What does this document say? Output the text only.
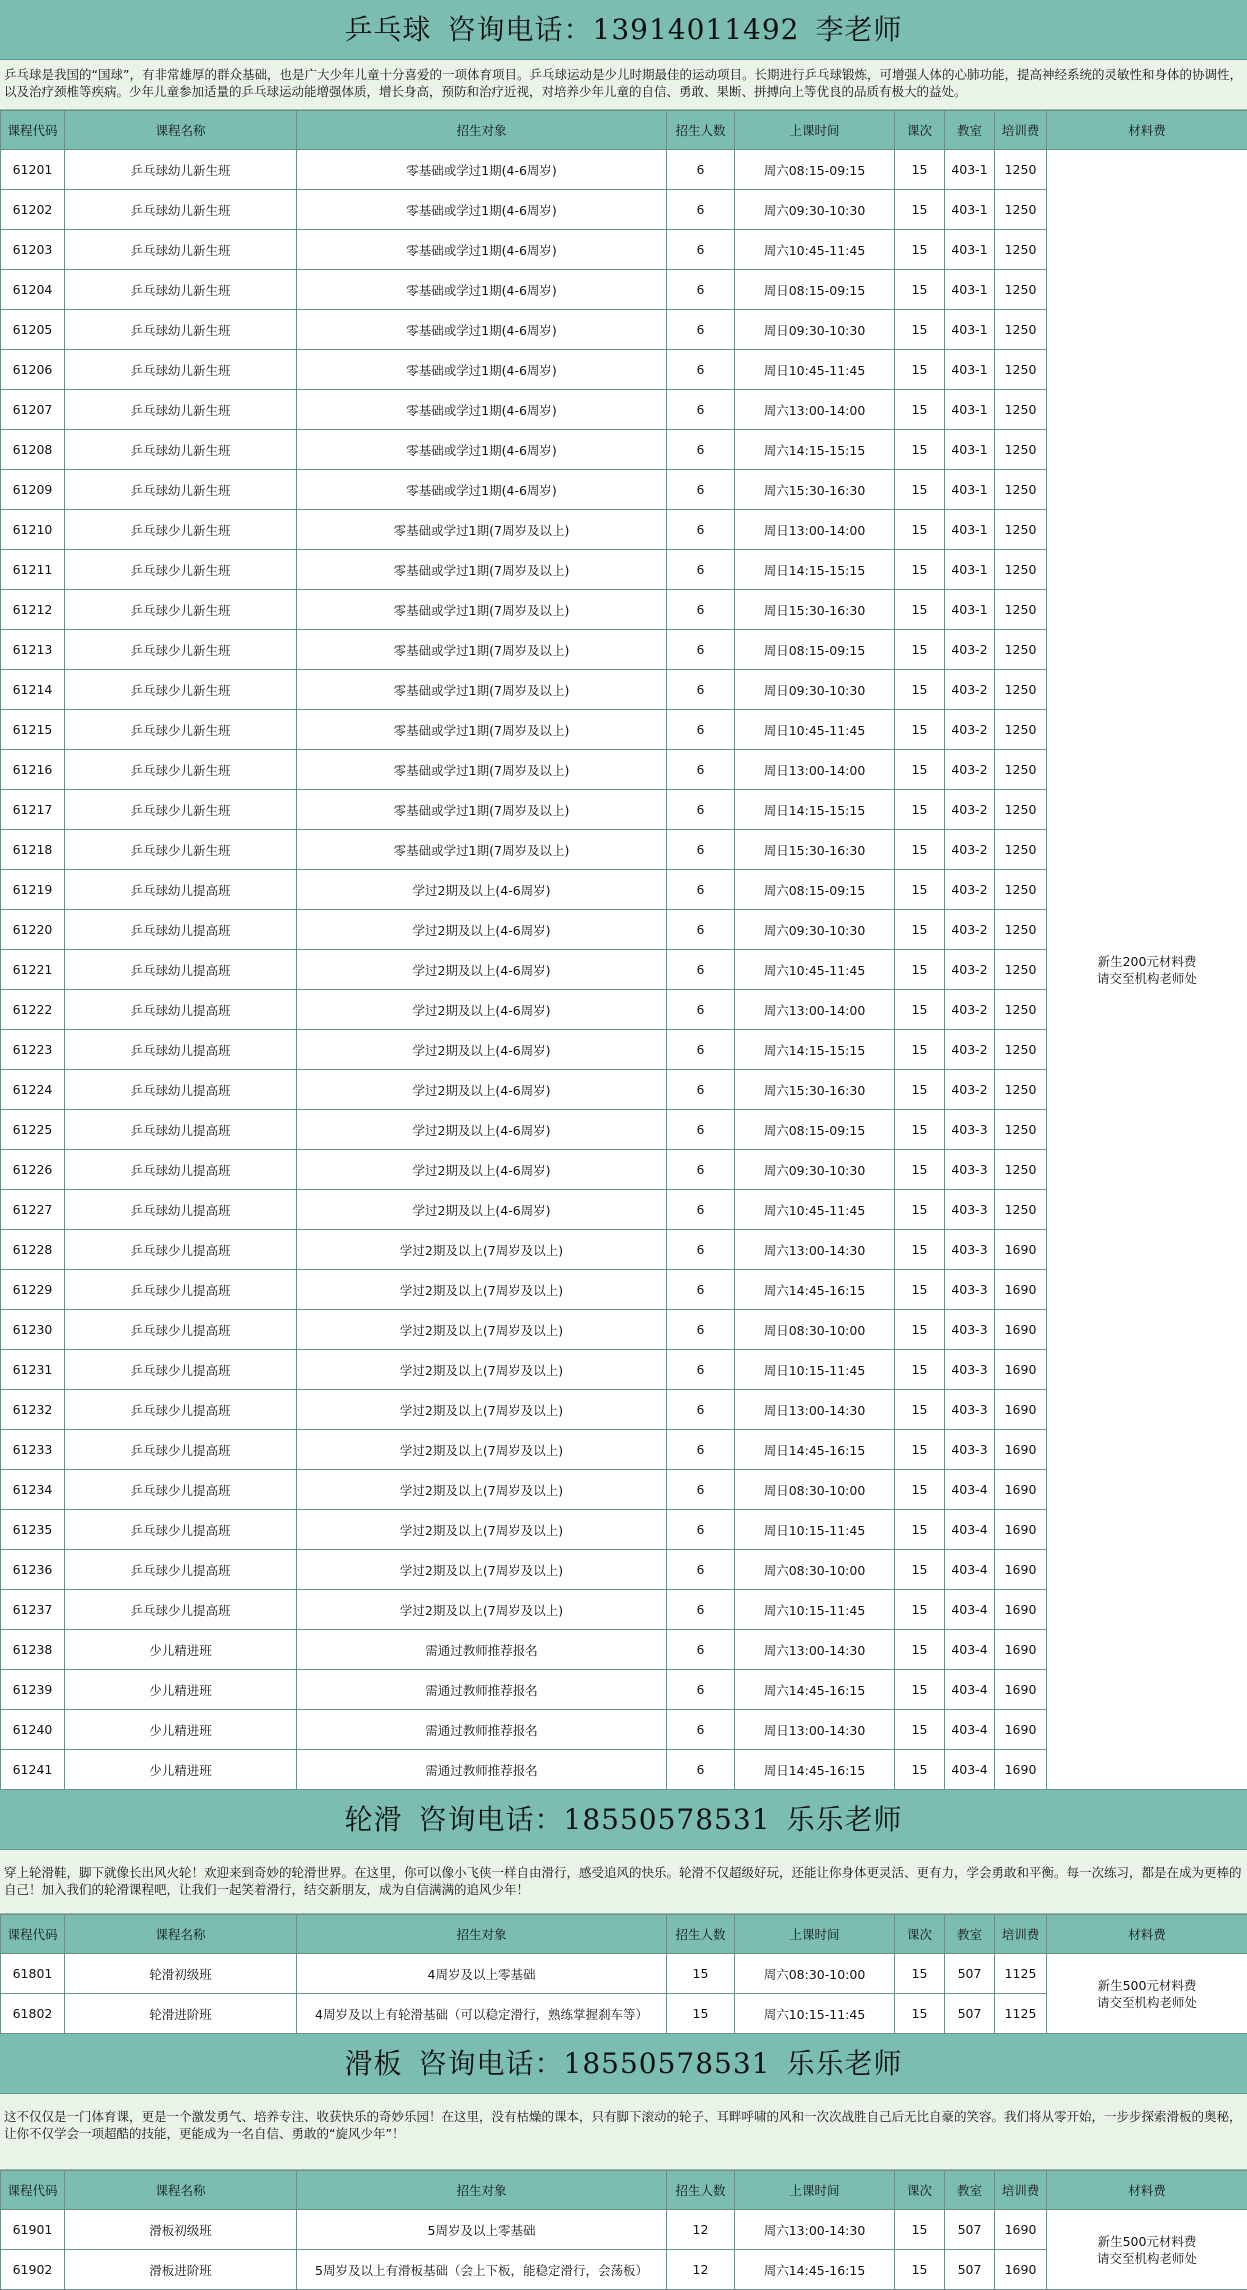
乒乓球 咨询电话：13914011492 李老师
乒乓球是我国的“国球”，有非常雄厚的群众基础，也是广大少年儿童十分喜爱的一项体育项目。乒乓球运动是少儿时期最佳的运动项目。长期进行乒乓球锻炼，可增强人体的心肺功能，提高神经系统的灵敏性和身体的协调性，以及治疗颈椎等疾病。少年儿童参加适量的乒乓球运动能增强体质，增长身高，预防和治疗近视，对培养少年儿童的自信、勇敢、果断、拼搏向上等优良的品质有极大的益处。
课程代码	课程名称	招生对象	招生人数	上课时间	课次	教室	培训费	材料费
61201	乒乓球幼儿新生班	零基础或学过1期(4-6周岁)	6	周六08:15-09:15	15	403-1	1250	新生200元材料费
请交至机构老师处

61202	乒乓球幼儿新生班	零基础或学过1期(4-6周岁)	6	周六09:30-10:30	15	403-1	1250	
61203	乒乓球幼儿新生班	零基础或学过1期(4-6周岁)	6	周六10:45-11:45	15	403-1	1250	
61204	乒乓球幼儿新生班	零基础或学过1期(4-6周岁)	6	周日08:15-09:15	15	403-1	1250	
61205	乒乓球幼儿新生班	零基础或学过1期(4-6周岁)	6	周日09:30-10:30	15	403-1	1250	
61206	乒乓球幼儿新生班	零基础或学过1期(4-6周岁)	6	周日10:45-11:45	15	403-1	1250	
61207	乒乓球幼儿新生班	零基础或学过1期(4-6周岁)	6	周六13:00-14:00	15	403-1	1250	
61208	乒乓球幼儿新生班	零基础或学过1期(4-6周岁)	6	周六14:15-15:15	15	403-1	1250	
61209	乒乓球幼儿新生班	零基础或学过1期(4-6周岁)	6	周六15:30-16:30	15	403-1	1250	
61210	乒乓球少儿新生班	零基础或学过1期(7周岁及以上)	6	周日13:00-14:00	15	403-1	1250	
61211	乒乓球少儿新生班	零基础或学过1期(7周岁及以上)	6	周日14:15-15:15	15	403-1	1250	
61212	乒乓球少儿新生班	零基础或学过1期(7周岁及以上)	6	周日15:30-16:30	15	403-1	1250	
61213	乒乓球少儿新生班	零基础或学过1期(7周岁及以上)	6	周日08:15-09:15	15	403-2	1250	
61214	乒乓球少儿新生班	零基础或学过1期(7周岁及以上)	6	周日09:30-10:30	15	403-2	1250	
61215	乒乓球少儿新生班	零基础或学过1期(7周岁及以上)	6	周日10:45-11:45	15	403-2	1250	
61216	乒乓球少儿新生班	零基础或学过1期(7周岁及以上)	6	周日13:00-14:00	15	403-2	1250	
61217	乒乓球少儿新生班	零基础或学过1期(7周岁及以上)	6	周日14:15-15:15	15	403-2	1250	
61218	乒乓球少儿新生班	零基础或学过1期(7周岁及以上)	6	周日15:30-16:30	15	403-2	1250	
61219	乒乓球幼儿提高班	学过2期及以上(4-6周岁)	6	周六08:15-09:15	15	403-2	1250	
61220	乒乓球幼儿提高班	学过2期及以上(4-6周岁)	6	周六09:30-10:30	15	403-2	1250	
61221	乒乓球幼儿提高班	学过2期及以上(4-6周岁)	6	周六10:45-11:45	15	403-2	1250	
61222	乒乓球幼儿提高班	学过2期及以上(4-6周岁)	6	周六13:00-14:00	15	403-2	1250	
61223	乒乓球幼儿提高班	学过2期及以上(4-6周岁)	6	周六14:15-15:15	15	403-2	1250	
61224	乒乓球幼儿提高班	学过2期及以上(4-6周岁)	6	周六15:30-16:30	15	403-2	1250	
61225	乒乓球幼儿提高班	学过2期及以上(4-6周岁)	6	周六08:15-09:15	15	403-3	1250	
61226	乒乓球幼儿提高班	学过2期及以上(4-6周岁)	6	周六09:30-10:30	15	403-3	1250	
61227	乒乓球幼儿提高班	学过2期及以上(4-6周岁)	6	周六10:45-11:45	15	403-3	1250	
61228	乒乓球少儿提高班	学过2期及以上(7周岁及以上)	6	周六13:00-14:30	15	403-3	1690	
61229	乒乓球少儿提高班	学过2期及以上(7周岁及以上)	6	周六14:45-16:15	15	403-3	1690	
61230	乒乓球少儿提高班	学过2期及以上(7周岁及以上)	6	周日08:30-10:00	15	403-3	1690	
61231	乒乓球少儿提高班	学过2期及以上(7周岁及以上)	6	周日10:15-11:45	15	403-3	1690	
61232	乒乓球少儿提高班	学过2期及以上(7周岁及以上)	6	周日13:00-14:30	15	403-3	1690	
61233	乒乓球少儿提高班	学过2期及以上(7周岁及以上)	6	周日14:45-16:15	15	403-3	1690	
61234	乒乓球少儿提高班	学过2期及以上(7周岁及以上)	6	周日08:30-10:00	15	403-4	1690	
61235	乒乓球少儿提高班	学过2期及以上(7周岁及以上)	6	周日10:15-11:45	15	403-4	1690	
61236	乒乓球少儿提高班	学过2期及以上(7周岁及以上)	6	周六08:30-10:00	15	403-4	1690	
61237	乒乓球少儿提高班	学过2期及以上(7周岁及以上)	6	周六10:15-11:45	15	403-4	1690	
61238	少儿精进班	需通过教师推荐报名	6	周六13:00-14:30	15	403-4	1690	
61239	少儿精进班	需通过教师推荐报名	6	周六14:45-16:15	15	403-4	1690	
61240	少儿精进班	需通过教师推荐报名	6	周日13:00-14:30	15	403-4	1690	
61241	少儿精进班	需通过教师推荐报名	6	周日14:45-16:15	15	403-4	1690	
轮滑 咨询电话：18550578531 乐乐老师
穿上轮滑鞋，脚下就像长出风火轮！欢迎来到奇妙的轮滑世界。在这里，你可以像小飞侠一样自由滑行，感受追风的快乐。轮滑不仅超级好玩，还能让你身体更灵活、更有力，学会勇敢和平衡。每一次练习，都是在成为更棒的自己！加入我们的轮滑课程吧，让我们一起笑着滑行，结交新朋友，成为自信满满的追风少年！
课程代码	课程名称	招生对象	招生人数	上课时间	课次	教室	培训费	材料费
61801	轮滑初级班	4周岁及以上零基础	15	周六08:30-10:00	15	507	1125	新生500元材料费
请交至机构老师处

61802	轮滑进阶班	4周岁及以上有轮滑基础（可以稳定滑行，熟练掌握刹车等）	15	周六10:15-11:45	15	507	1125	
滑板 咨询电话：18550578531 乐乐老师
这不仅仅是一门体育课，更是一个激发勇气、培养专注、收获快乐的奇妙乐园！在这里，没有枯燥的课本，只有脚下滚动的轮子、耳畔呼啸的风和一次次战胜自己后无比自豪的笑容。我们将从零开始，一步步探索滑板的奥秘，让你不仅学会一项超酷的技能，更能成为一名自信、勇敢的“旋风少年”！
课程代码	课程名称	招生对象	招生人数	上课时间	课次	教室	培训费	材料费
61901	滑板初级班	5周岁及以上零基础	12	周六13:00-14:30	15	507	1690	新生500元材料费
请交至机构老师处

61902	滑板进阶班	5周岁及以上有滑板基础（会上下板，能稳定滑行，会荡板）	12	周六14:45-16:15	15	507	1690	
